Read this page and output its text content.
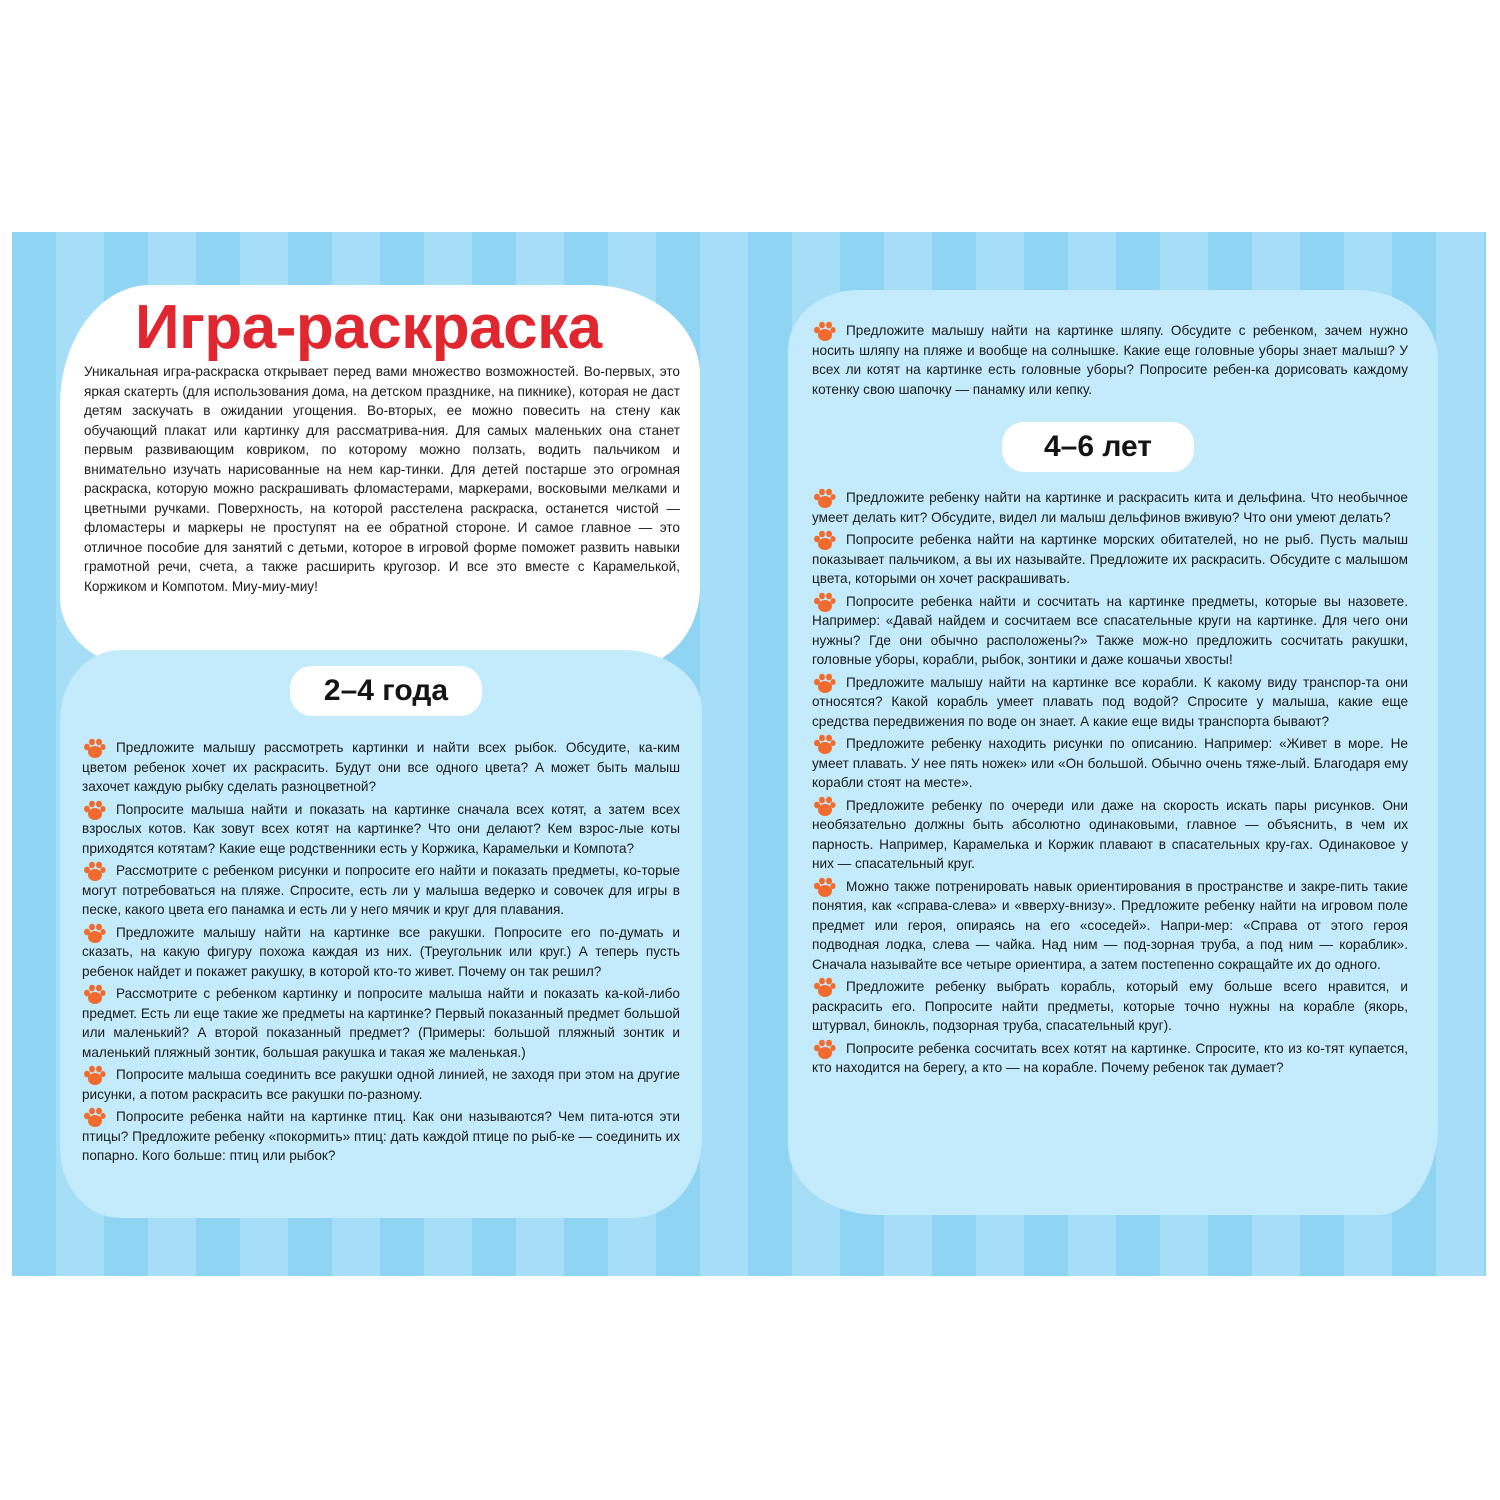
Игра-раскраска

Уникальная игра-раскраска открывает перед вами множество возможностей. Во-первых, это яркая скатерть (для использования дома, на детском празднике, на пикнике), которая не даст детям заскучать в ожидании угощения. Во-вторых, ее можно повесить на стену как обучающий плакат или картинку для рассматрива-ния. Для самых маленьких она станет первым развивающим ковриком, по которому можно ползать, водить пальчиком и внимательно изучать нарисованные на нем кар-тинки. Для детей постарше это огромная раскраска, которую можно раскрашивать фломастерами, маркерами, восковыми мелками и цветными ручками. Поверхность, на которой расстелена раскраска, останется чистой — фломастеры и маркеры не проступят на ее обратной стороне. И самое главное — это отличное пособие для занятий с детьми, которое в игровой форме поможет развить навыки грамотной речи, счета, а также расширить кругозор. И все это вместе с Карамелькой, Коржиком и Компотом. Миу-миу-миу!

2–4 года
4–6 лет
Предложите малышу рассмотреть картинки и найти всех рыбок. Обсудите, ка-ким цветом ребенок хочет их раскрасить. Будут они все одного цвета? А может быть малыш захочет каждую рыбку сделать разноцветной?
Попросите малыша найти и показать на картинке сначала всех котят, а затем всех взрослых котов. Как зовут всех котят на картинке? Что они делают? Кем взрос-лые коты приходятся котятам? Какие еще родственники есть у Коржика, Карамельки и Компота?
Рассмотрите с ребенком рисунки и попросите его найти и показать предметы, ко-торые могут потребоваться на пляже. Спросите, есть ли у малыша ведерко и совочек для игры в песке, какого цвета его панамка и есть ли у него мячик и круг для плавания.
Предложите малышу найти на картинке все ракушки. Попросите его по-думать и сказать, на какую фигуру похожа каждая из них. (Треугольник или круг.) А теперь пусть ребенок найдет и покажет ракушку, в которой кто-то живет. Почему он так решил?
Рассмотрите с ребенком картинку и попросите малыша найти и показать ка-кой-либо предмет. Есть ли еще такие же предметы на картинке? Первый показанный предмет большой или маленький? А второй показанный предмет? (Примеры: большой пляжный зонтик и маленький пляжный зонтик, большая ракушка и такая же маленькая.)
Попросите малыша соединить все ракушки одной линией, не заходя при этом на другие рисунки, а потом раскрасить все ракушки по-разному.
Попросите ребенка найти на картинке птиц. Как они называются? Чем пита-ются эти птицы? Предложите ребенку «покормить» птиц: дать каждой птице по рыб-ке — соединить их попарно. Кого больше: птиц или рыбок?
Предложите малышу найти на картинке шляпу. Обсудите с ребенком, зачем нужно носить шляпу на пляже и вообще на солнышке. Какие еще головные уборы знает малыш? У всех ли котят на картинке есть головные уборы? Попросите ребен-ка дорисовать каждому котенку свою шапочку — панамку или кепку.
Предложите ребенку найти на картинке и раскрасить кита и дельфина. Что необычное умеет делать кит? Обсудите, видел ли малыш дельфинов вживую? Что они умеют делать?
Попросите ребенка найти на картинке морских обитателей, но не рыб. Пусть малыш показывает пальчиком, а вы их называйте. Предложите их раскрасить. Обсудите с малышом цвета, которыми он хочет раскрашивать.
Попросите ребенка найти и сосчитать на картинке предметы, которые вы назовете. Например: «Давай найдем и сосчитаем все спасательные круги на картинке. Для чего они нужны? Где они обычно расположены?» Также мож-но предложить сосчитать ракушки, головные уборы, корабли, рыбок, зонтики и даже кошачьи хвосты!
Предложите малышу найти на картинке все корабли. К какому виду транспор-та они относятся? Какой корабль умеет плавать под водой? Спросите у малыша, какие еще средства передвижения по воде он знает. А какие еще виды транспорта бывают?
Предложите ребенку находить рисунки по описанию. Например: «Живет в море. Не умеет плавать. У нее пять ножек» или «Он большой. Обычно очень тяже-лый. Благодаря ему корабли стоят на месте».
Предложите ребенку по очереди или даже на скорость искать пары рисунков. Они необязательно должны быть абсолютно одинаковыми, главное — объяснить, в чем их парность. Например, Карамелька и Коржик плавают в спасательных кру-гах. Одинаковое у них — спасательный круг.
Можно также потренировать навык ориентирования в пространстве и закре-пить такие понятия, как «справа-слева» и «вверху-внизу». Предложите ребенку найти на игровом поле предмет или героя, опираясь на его «соседей». Напри-мер: «Справа от этого героя подводная лодка, слева — чайка. Над ним — под-зорная труба, а под ним — кораблик». Сначала называйте все четыре ориентира, а затем постепенно сокращайте их до одного.
Предложите ребенку выбрать корабль, который ему больше всего нравится, и раскрасить его. Попросите найти предметы, которые точно нужны на корабле (якорь, штурвал, бинокль, подзорная труба, спасательный круг).
Попросите ребенка сосчитать всех котят на картинке. Спросите, кто из ко-тят купается, кто находится на берегу, а кто — на корабле. Почему ребенок так думает?
